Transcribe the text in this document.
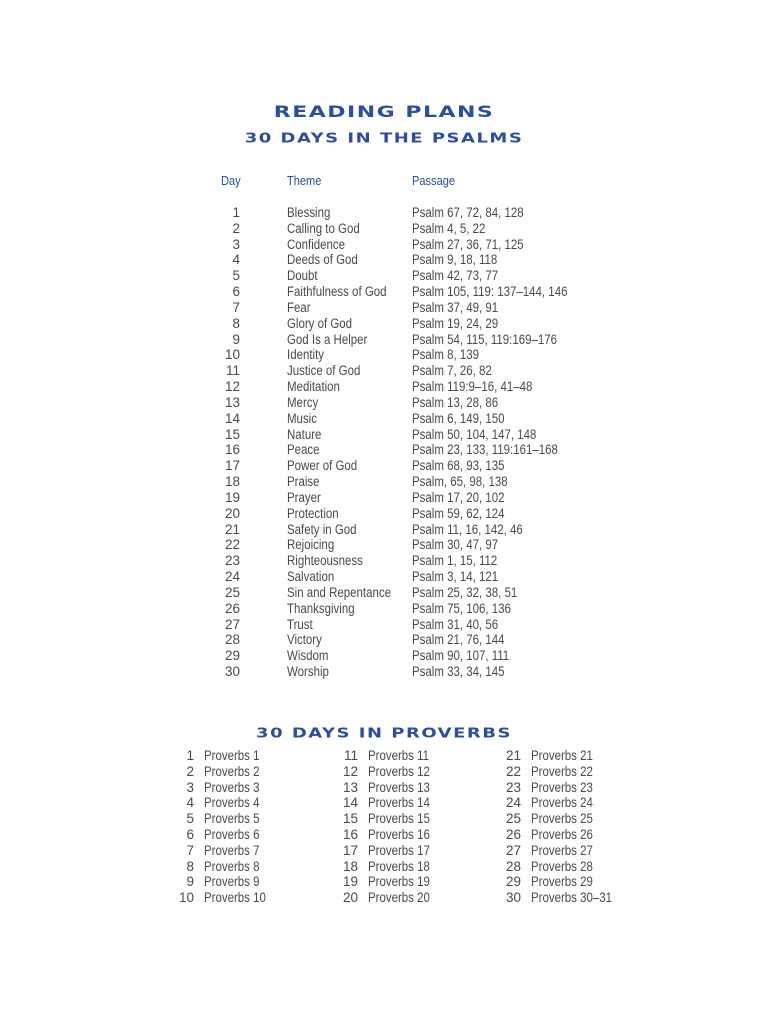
READING PLANS
30 DAYS IN THE PSALMS
Day	Theme	Passage
1	Blessing	Psalm 67, 72, 84, 128
2	Calling to God	Psalm 4, 5, 22
3	Confidence	Psalm 27, 36, 71, 125
4	Deeds of God	Psalm 9, 18, 118
5	Doubt	Psalm 42, 73, 77
6	Faithfulness of God Psalm 105, 119: 137–144, 146
7	Fear	Psalm 37, 49, 91
8	Glory of God	Psalm 19, 24, 29
9	God Is a Helper	Psalm 54, 115, 119:169–176
10	Identity	Psalm 8, 139
11	Justice of God	Psalm 7, 26, 82
12	Meditation	Psalm 119:9–16, 41–48
13	Mercy	Psalm 13, 28, 86
14	Music	Psalm 6, 149, 150
15	Nature	Psalm 50, 104, 147, 148
16	Peace	Psalm 23, 133, 119:161–168
17	Power of God	Psalm 68, 93, 135
18	Praise	Psalm, 65, 98, 138
19	Prayer	Psalm 17, 20, 102
20	Protection	Psalm 59, 62, 124
21	Safety in God	Psalm 11, 16, 142, 46
22	Rejoicing	Psalm 30, 47, 97
23	Righteousness	Psalm 1, 15, 112
24	Salvation	Psalm 3, 14, 121
25	Sin and Repentance Psalm 25, 32, 38, 51
26	Thanksgiving	Psalm 75, 106, 136
27	Trust	Psalm 31, 40, 56
28	Victory	Psalm 21, 76, 144
29	Wisdom	Psalm 90, 107, 111
30	Worship	Psalm 33, 34, 145
30 DAYS IN PROVERBS
1 Proverbs 1
2 Proverbs 2
3 Proverbs 3
4 Proverbs 4
5 Proverbs 5
6 Proverbs 6
7 Proverbs 7
8 Proverbs 8
9 Proverbs 9
10 Proverbs 10
11 Proverbs 11
12 Proverbs 12
13 Proverbs 13
14 Proverbs 14
15 Proverbs 15
16 Proverbs 16
17 Proverbs 17
18 Proverbs 18
19 Proverbs 19
20 Proverbs 20
21 Proverbs 21
22 Proverbs 22
23 Proverbs 23
24 Proverbs 24
25 Proverbs 25
26 Proverbs 26
27 Proverbs 27
28 Proverbs 28
29 Proverbs 29
30 Proverbs 30–31
